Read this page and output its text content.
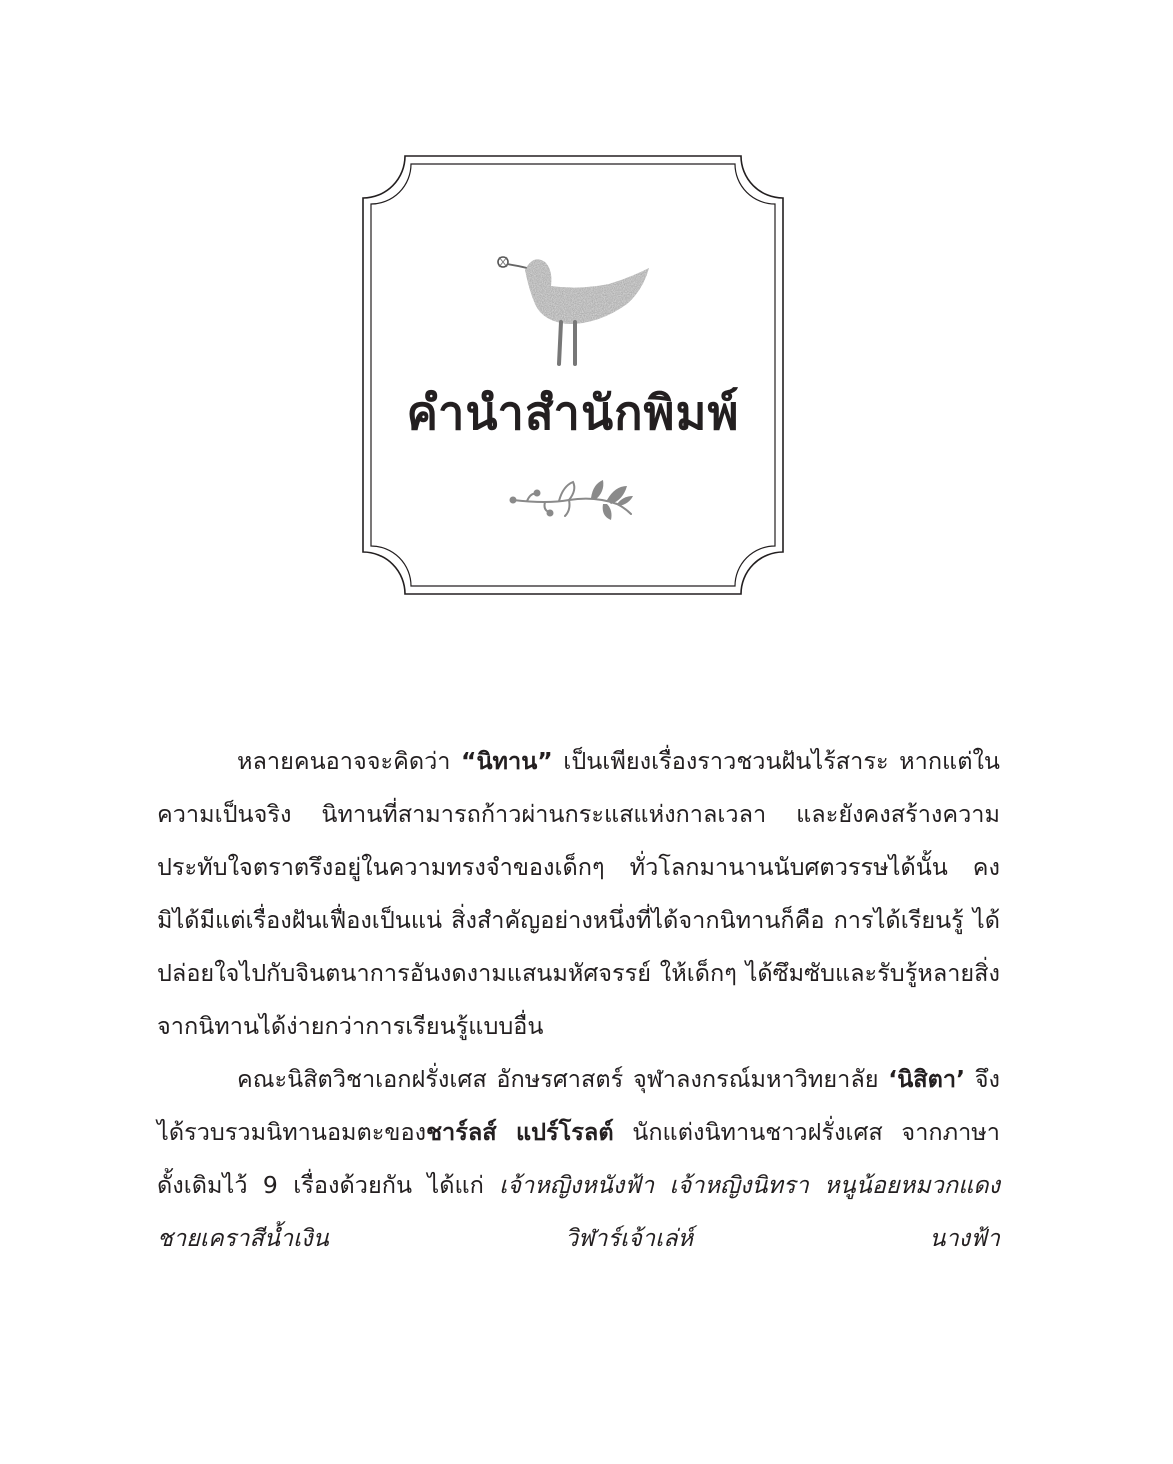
คำนำสำนักพิมพ์

หลายคนอาจจะคิดว่า “นิทาน” เป็นเพียงเรื่องราวชวนฝันไร้สาระ หากแต่ในความเป็นจริง นิทานที่สามารถก้าวผ่านกระแสแห่งกาลเวลา และยังคงสร้างความประทับใจตราตรึงอยู่ในความทรงจำของเด็กๆ ทั่วโลกมานานนับศตวรรษได้นั้น คงมิได้มีแต่เรื่องฝันเฟื่องเป็นแน่ สิ่งสำคัญอย่างหนึ่งที่ได้จากนิทานก็คือ การได้เรียนรู้ ได้ปล่อยใจไปกับจินตนาการอันงดงามแสนมหัศจรรย์ ให้เด็กๆ ได้ซึมซับและรับรู้หลายสิ่งจากนิทานได้ง่ายกว่าการเรียนรู้แบบอื่น

คณะนิสิตวิชาเอกฝรั่งเศส อักษรศาสตร์ จุฬาลงกรณ์มหาวิทยาลัย ‘นิสิตา’ จึงได้รวบรวมนิทานอมตะของชาร์ลส์ แปร์โรลต์ นักแต่งนิทานชาวฝรั่งเศส จากภาษาดั้งเดิมไว้ 9 เรื่องด้วยกัน ได้แก่ เจ้าหญิงหนังฟ้า เจ้าหญิงนิทรา หนูน้อยหมวกแดง ชายเคราสีน้ำเงิน วิฬาร์เจ้าเล่ห์ นางฟ้า
